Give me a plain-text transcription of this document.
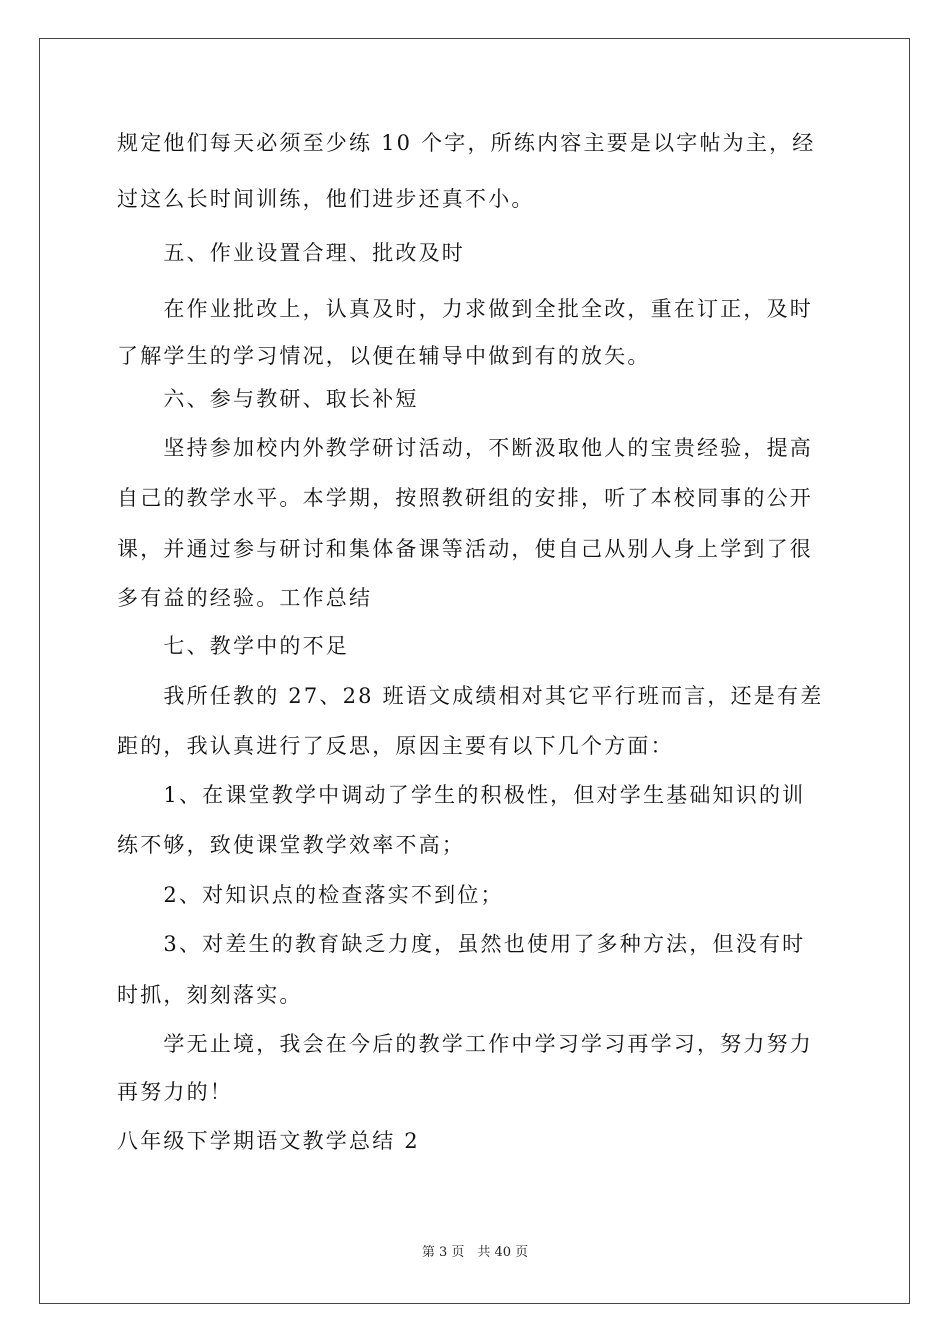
规定他们每天必须至少练 10 个字，所练内容主要是以字帖为主，经
过这么长时间训练，他们进步还真不小。
　　五、作业设置合理、批改及时
　　在作业批改上，认真及时，力求做到全批全改，重在订正，及时
了解学生的学习情况，以便在辅导中做到有的放矢。
　　六、参与教研、取长补短
　　坚持参加校内外教学研讨活动，不断汲取他人的宝贵经验，提高
自己的教学水平。本学期，按照教研组的安排，听了本校同事的公开
课，并通过参与研讨和集体备课等活动，使自己从别人身上学到了很
多有益的经验。工作总结
　　七、教学中的不足
　　我所任教的 27、28 班语文成绩相对其它平行班而言，还是有差
距的，我认真进行了反思，原因主要有以下几个方面：
　　1、在课堂教学中调动了学生的积极性，但对学生基础知识的训
练不够，致使课堂教学效率不高；
　　2、对知识点的检查落实不到位；
　　3、对差生的教育缺乏力度，虽然也使用了多种方法，但没有时
时抓，刻刻落实。
　　学无止境，我会在今后的教学工作中学习学习再学习，努力努力
再努力的！
八年级下学期语文教学总结 2
第 3 页　共 40 页
